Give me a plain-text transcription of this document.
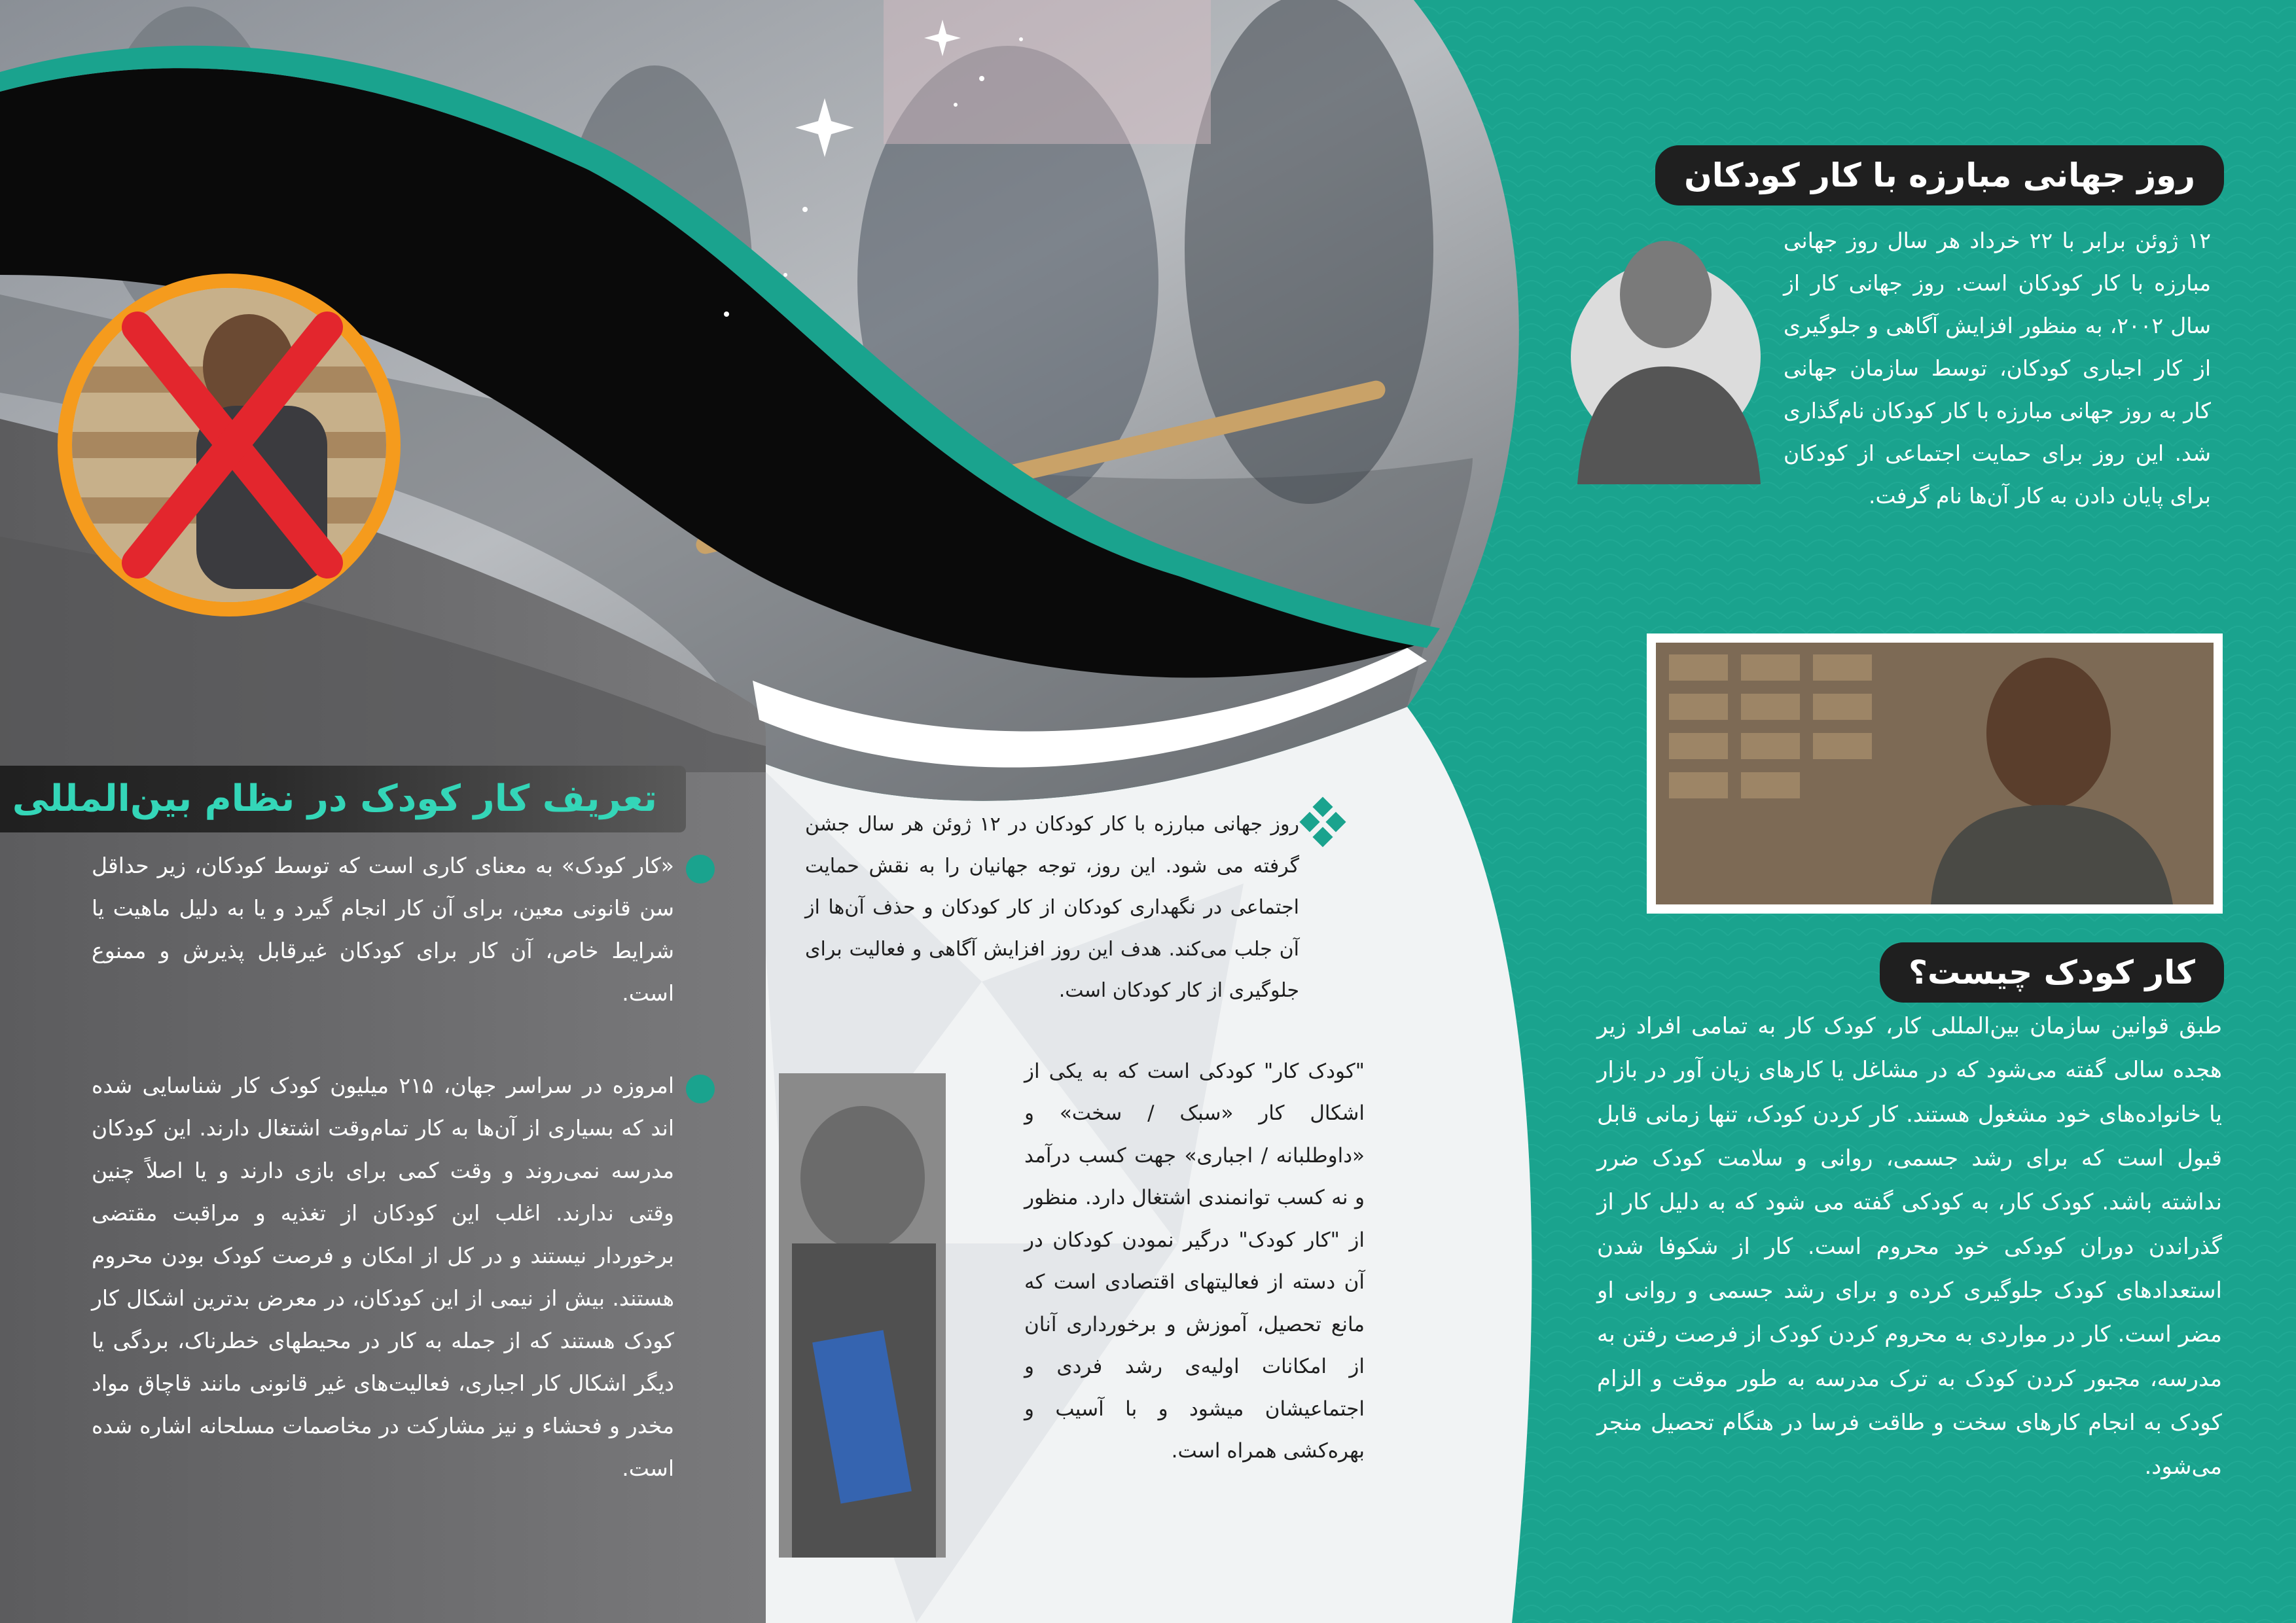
روز جهانی مبارزه با کار کودکان
۱۲ ژوئن برابر با ۲۲ خرداد هر سال روز جهانی مبارزه با کار کودکان است. روز جهانی کار از سال ۲۰۰۲، به منظور افزایش آگاهی و جلوگیری از کار اجباری کودکان، توسط سازمان جهانی کار به روز جهانی مبارزه با کار کودکان نام‌گذاری شد. این روز برای حمایت اجتماعی از کودکان برای پایان دادن به کار آن‌ها نام گرفت.
کار کودک چیست؟
طبق قوانین سازمان بین‌المللی کار، کودک کار به تمامی افراد زیر هجده سالی گفته می‌شود که در مشاغل یا کارهای زیان آور در بازار یا خانواده‌های خود مشغول هستند. کار کردن کودک، تنها زمانی قابل قبول است که برای رشد جسمی، روانی و سلامت کودک ضرر نداشته باشد. کودک کار، به کودکی گفته می شود که به دلیل کار از گذراندن دوران کودکی خود محروم است. کار از شکوفا شدن استعدادهای کودک جلوگیری کرده و برای رشد جسمی و روانی او مضر است. کار در مواردی به محروم کردن کودک از فرصت رفتن به مدرسه، مجبور کردن کودک به ترک مدرسه به طور موقت و الزام کودک به انجام کارهای سخت و طاقت فرسا در هنگام تحصیل منجر می‌شود.
روز جهانی مبارزه با کار کودکان در ۱۲ ژوئن هر سال جشن گرفته می شود. این روز، توجه جهانیان را به نقش حمایت اجتماعی در نگهداری کودکان از کار کودکان و حذف آن‌ها از آن جلب می‌کند. هدف این روز افزایش آگاهی و فعالیت برای جلوگیری از کار کودکان است.
"کودک کار" کودکی است که به یکی از اشکال کار «سبک / سخت» و «داوطلبانه / اجباری» جهت کسب درآمد و نه کسب توانمندی اشتغال دارد. منظور از "کار کودک" درگیر نمودن کودکان در آن دسته از فعالیتهای اقتصادی است که مانع تحصیل، آموزش و برخورداری آنان از امکانات اولیه‌ی رشد فردی و اجتماعیشان میشود و با آسیب و بهره‌کشی همراه است.
تعریف کار کودک در نظام بین‌المللی
«کار کودک» به معنای کاری است که توسط کودکان، زیر حداقل سن قانونی معین، برای آن کار انجام گیرد و یا به دلیل ماهیت یا شرایط خاص، آن کار برای کودکان غیرقابل پذیرش و ممنوع است.
امروزه در سراسر جهان، ۲۱۵ میلیون کودک کار شناسایی شده اند که بسیاری از آن‌ها به کار تمام‌وقت اشتغال دارند. این کودکان مدرسه نمی‌روند و وقت کمی برای بازی دارند و یا اصلاً چنین وقتی ندارند. اغلب این کودکان از تغذیه و مراقبت مقتضی برخوردار نیستند و در کل از امکان و فرصت کودک بودن محروم هستند. بیش از نیمی از این کودکان، در معرض بدترین اشکال کار کودک هستند که از جمله به کار در محیطهای خطرناک، بردگی یا دیگر اشکال کار اجباری، فعالیت‌های غیر قانونی مانند قاچاق مواد مخدر و فحشاء و نیز مشارکت در مخاصمات مسلحانه اشاره شده است.
